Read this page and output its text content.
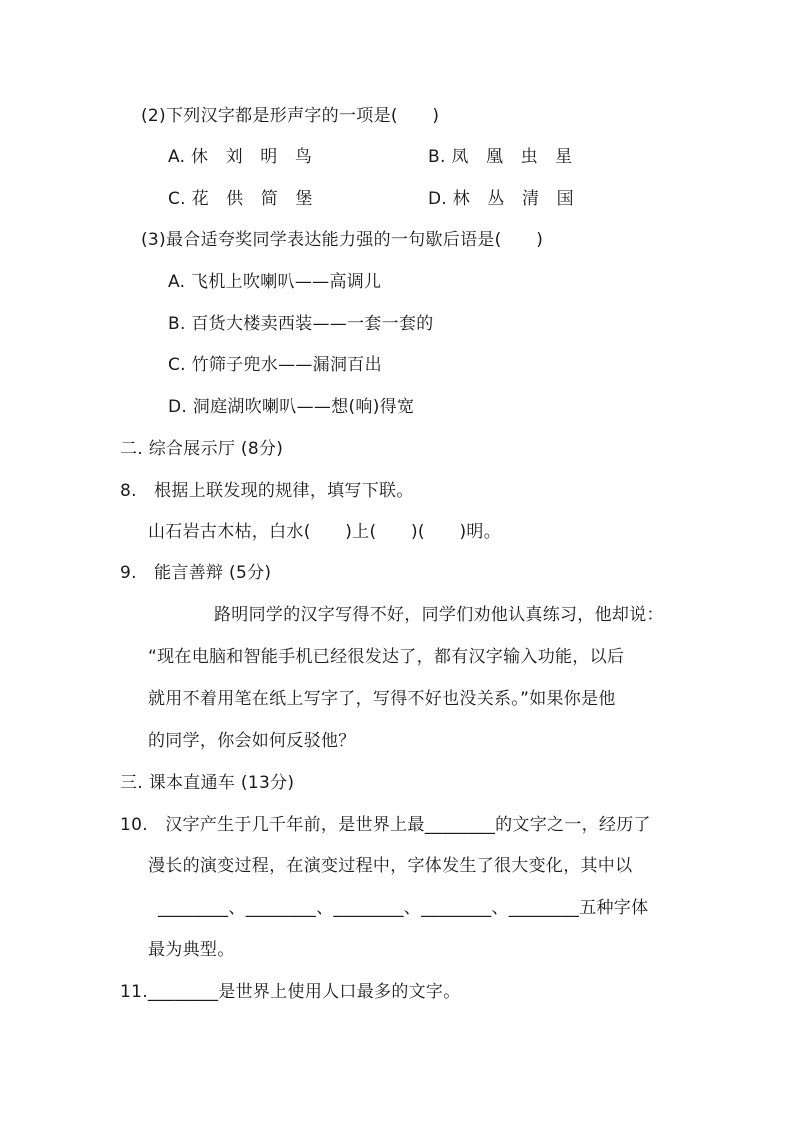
(2)下列汉字都是形声字的一项是(　　)
A. 休　刘　明　鸟	B. 凤　凰　虫　星
C. 花　供　简　堡	D. 林　丛　清　国
(3)最合适夸奖同学表达能力强的一句歇后语是(　　)
A. 飞机上吹喇叭——高调儿
B. 百货大楼卖西装——一套一套的
C. 竹筛子兜水——漏洞百出
D. 洞庭湖吹喇叭——想(响)得宽
二. 综合展示厅 (8分)
8.　根据上联发现的规律，填写下联。
山石岩古木枯，白水(　　)上(　　)(　　)明。
9.　能言善辩 (5分)
路明同学的汉字写得不好，同学们劝他认真练习，他却说：
“现在电脑和智能手机已经很发达了，都有汉字输入功能，以后
就用不着用笔在纸上写字了，写得不好也没关系。”如果你是他
的同学，你会如何反驳他？
三. 课本直通车 (13分)
10.　汉字产生于几千年前，是世界上最________的文字之一，经历了
漫长的演变过程，在演变过程中，字体发生了很大变化，其中以
________、________、________、________、________五种字体
最为典型。
11.________是世界上使用人口最多的文字。
